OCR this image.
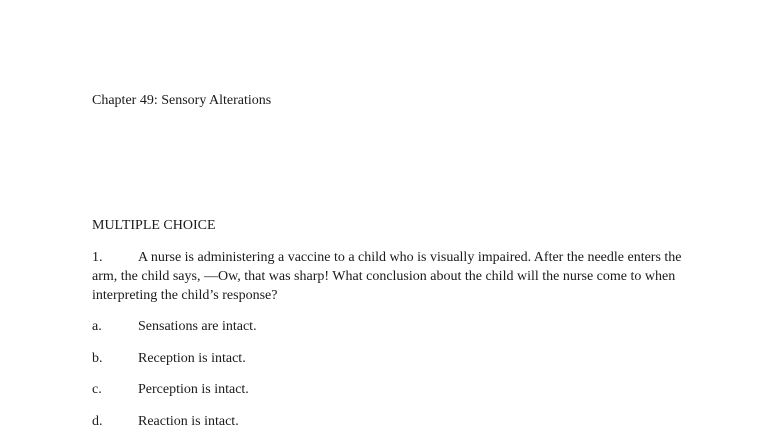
Chapter 49: Sensory Alterations
MULTIPLE CHOICE
1.	A nurse is administering a vaccine to a child who is visually impaired. After the needle enters the
arm, the child says, —Ow, that was sharp! What conclusion about the child will the nurse come to when
interpreting the child’s response?
a.	Sensations are intact.
b.	Reception is intact.
c.	Perception is intact.
d.	Reaction is intact.
